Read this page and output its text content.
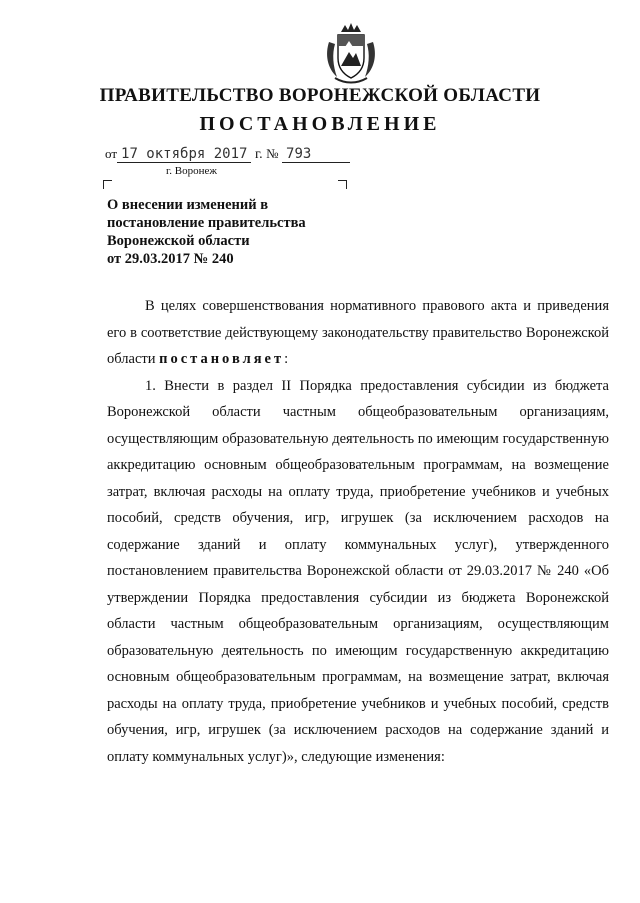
ПРАВИТЕЛЬСТВО ВОРОНЕЖСКОЙ ОБЛАСТИ
ПОСТАНОВЛЕНИЕ
от 17 октября 2017 г. № 793
г. Воронеж
О внесении изменений в
постановление правительства
Воронежской области
от 29.03.2017 № 240

В целях совершенствования нормативного правового акта и приведения его в соответствие действующему законодательству правительство Воронежской области постановляет:

1. Внести в раздел II Порядка предоставления субсидии из бюджета Воронежской области частным общеобразовательным организациям, осуществляющим образовательную деятельность по имеющим государственную аккредитацию основным общеобразовательным программам, на возмещение затрат, включая расходы на оплату труда, приобретение учебников и учебных пособий, средств обучения, игр, игрушек (за исключением расходов на содержание зданий и оплату коммунальных услуг), утвержденного постановлением правительства Воронежской области от 29.03.2017 № 240 «Об утверждении Порядка предоставления субсидии из бюджета Воронежской области частным общеобразовательным организациям, осуществляющим образовательную деятельность по имеющим государственную аккредитацию основным общеобразовательным программам, на возмещение затрат, включая расходы на оплату труда, приобретение учебников и учебных пособий, средств обучения, игр, игрушек (за исключением расходов на содержание зданий и оплату коммунальных услуг)», следующие изменения:
